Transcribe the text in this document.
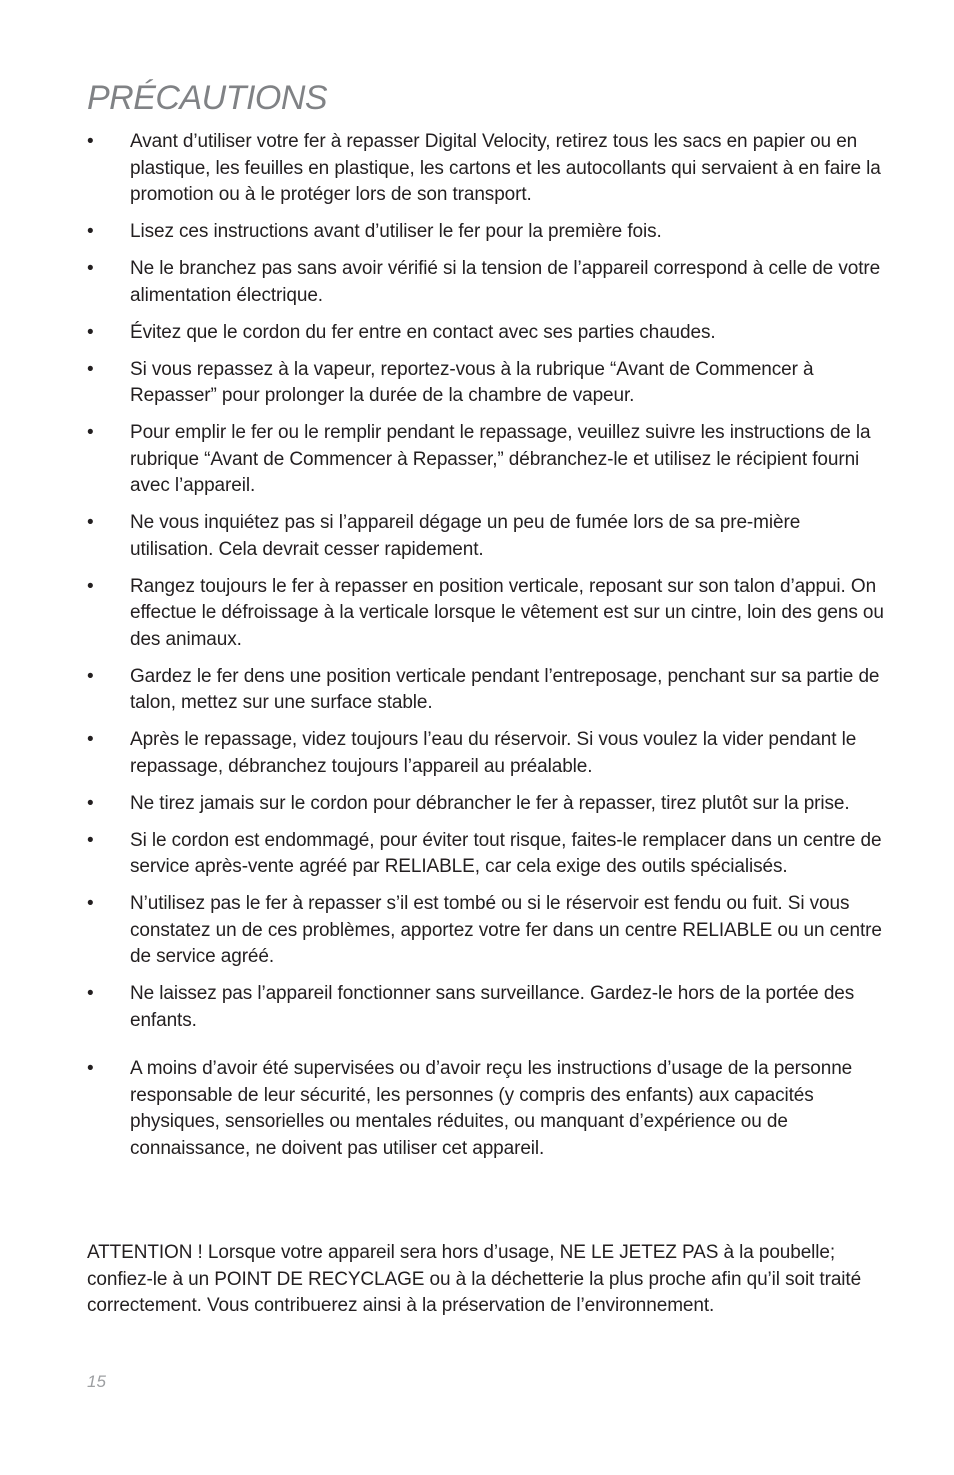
PRÉCAUTIONS
• Avant d’utiliser votre fer à repasser Digital Velocity, retirez tous les sacs en papier ou en plastique, les feuilles en plastique, les cartons et les autocollants qui servaient à en faire la promotion ou à le protéger lors de son transport.
• Lisez ces instructions avant d’utiliser le fer pour la première fois.
• Ne le branchez pas sans avoir vérifié si la tension de l’appareil correspond à celle de votre alimentation électrique.
• Évitez que le cordon du fer entre en contact avec ses parties chaudes.
• Si vous repassez à la vapeur, reportez-vous à la rubrique “Avant de Commencer à Repasser” pour prolonger la durée de la chambre de vapeur.
• Pour emplir le fer ou le remplir pendant le repassage, veuillez suivre les instructions de la rubrique “Avant de Commencer à Repasser,” débranchez-le et utilisez le récipient fourni avec l’appareil.
• Ne vous inquiétez pas si l’appareil dégage un peu de fumée lors de sa pre-mière utilisation. Cela devrait cesser rapidement.
• Rangez toujours le fer à repasser en position verticale, reposant sur son talon d’appui. On effectue le défroissage à la verticale lorsque le vêtement est sur un cintre, loin des gens ou des animaux.
• Gardez le fer dens une position verticale pendant l’entreposage, penchant sur sa partie de talon, mettez sur une surface stable.
• Après le repassage, videz toujours l’eau du réservoir. Si vous voulez la vider pendant le repassage, débranchez toujours l’appareil au préalable.
• Ne tirez jamais sur le cordon pour débrancher le fer à repasser, tirez plutôt sur la prise.
• Si le cordon est endommagé, pour éviter tout risque, faites-le remplacer dans un centre de service après-vente agréé par RELIABLE, car cela exige des outils spécialisés.
• N’utilisez pas le fer à repasser s’il est tombé ou si le réservoir est fendu ou fuit. Si vous constatez un de ces problèmes, apportez votre fer dans un centre RELIABLE ou un centre de service agréé.
• Ne laissez pas l’appareil fonctionner sans surveillance. Gardez-le hors de la portée des enfants.
• A moins d’avoir été supervisées ou d’avoir reçu les instructions d’usage de la personne responsable de leur sécurité, les personnes (y compris des enfants) aux capacités physiques, sensorielles ou mentales réduites, ou manquant d’expérience ou de connaissance, ne doivent pas utiliser cet appareil.

ATTENTION ! Lorsque votre appareil sera hors d’usage, NE LE JETEZ PAS à la poubelle; confiez-le à un POINT DE RECYCLAGE ou à la déchetterie la plus proche afin qu’il soit traité correctement. Vous contribuerez ainsi à la préservation de l’environnement.

15
